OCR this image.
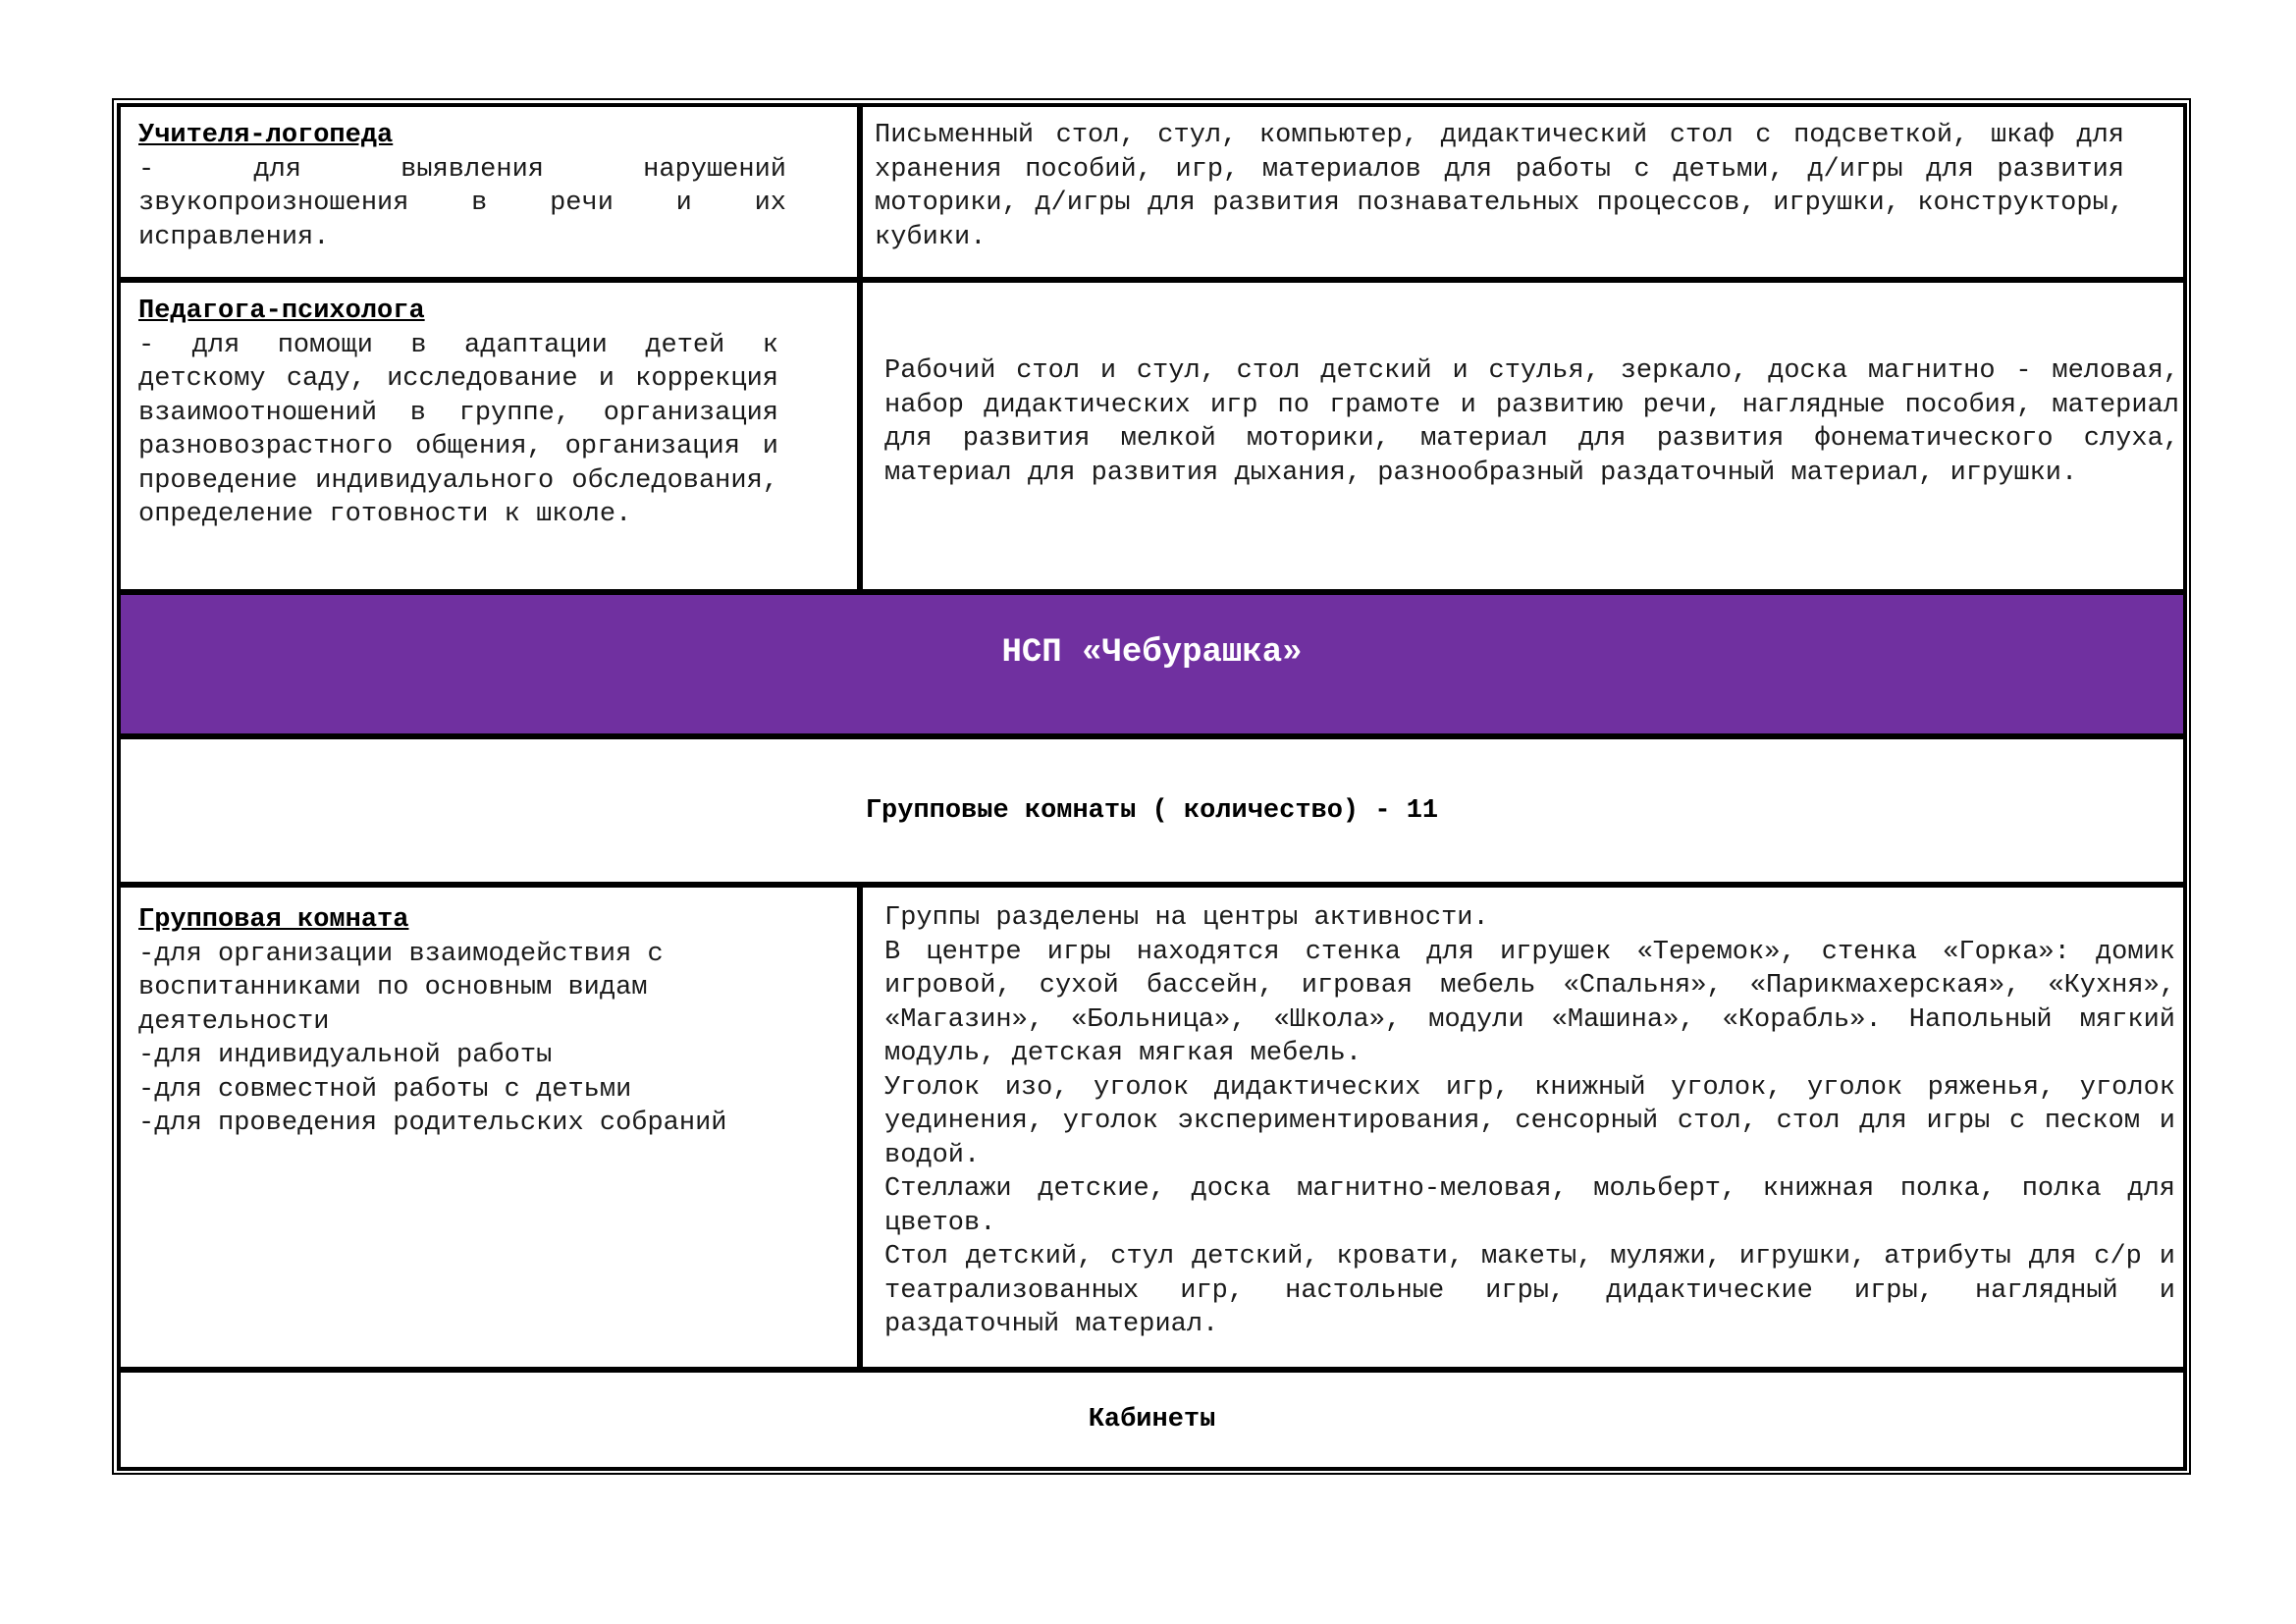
Учителя-логопеда

- для выявления нарушений звукопроизношения в речи и их исправления.

Письменный стол, стул, компьютер, дидактический стол с подсветкой, шкаф для хранения пособий, игр, материалов для работы с детьми, д/игры для развития моторики, д/игры для развития познавательных процессов, игрушки, конструкторы, кубики.

Педагога-психолога

- для помощи в адаптации детей к детскому саду, исследование и коррекция взаимоотношений в группе, организация разновозрастного общения, организация и проведение индивидуального обследования, определение готовности к школе.

Рабочий стол и стул, стол детский и стулья, зеркало, доска магнитно - меловая, набор дидактических игр по грамоте и развитию речи, наглядные пособия, материал для развития мелкой моторики, материал для развития фонематического слуха, материал для развития дыхания, разнообразный раздаточный материал, игрушки.

НСП «Чебурашка»
Групповые комнаты ( количество) - 11
Групповая комната

-для организации взаимодействия с воспитанниками по основным видам деятельности

-для индивидуальной работы

-для совместной работы с детьми

-для проведения родительских собраний

Группы разделены на центры активности.

В центре игры находятся стенка для игрушек «Теремок», стенка «Горка»: домик игровой, сухой бассейн, игровая мебель «Спальня», «Парикмахерская», «Кухня», «Магазин», «Больница», «Школа», модули «Машина», «Корабль». Напольный мягкий модуль, детская мягкая мебель.

Уголок изо, уголок дидактических игр, книжный уголок, уголок ряженья, уголок уединения, уголок экспериментирования, сенсорный стол, стол для игры с песком и водой.

Стеллажи детские, доска магнитно-меловая, мольберт, книжная полка, полка для цветов.

Стол детский, стул детский, кровати, макеты, муляжи, игрушки, атрибуты для с/р и театрализованных игр, настольные игры, дидактические игры, наглядный и раздаточный материал.

Кабинеты
